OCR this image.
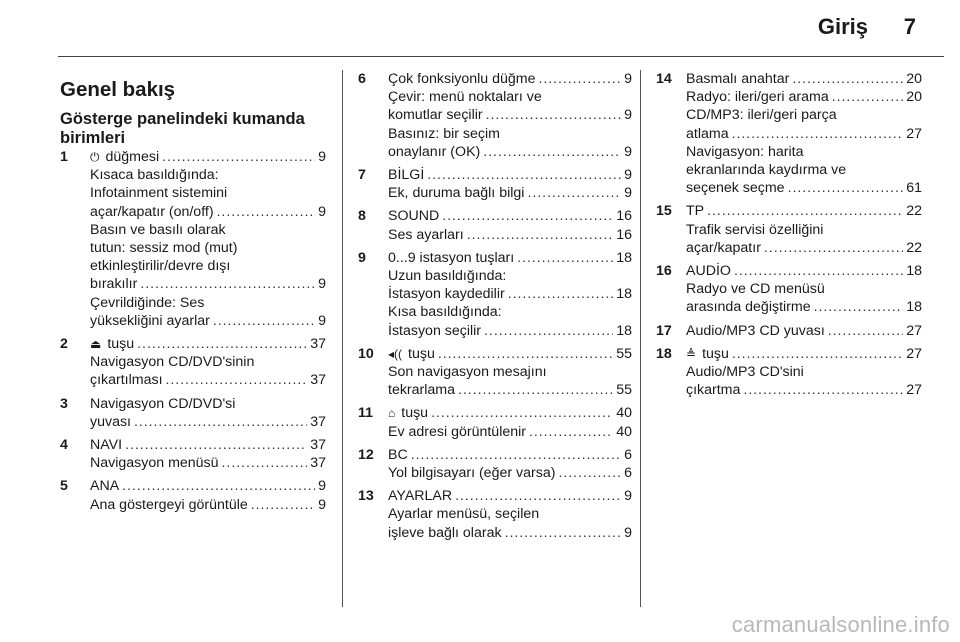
Giriş 7
Genel bakış
Gösterge panelindeki kumanda birimleri
1	⏻ düğmesi . . .	9
Kısaca basıldığında:
Infotainment sistemini
açar/kapatır (on/off) . . .	9
Basın ve basılı olarak
tutun: sessiz mod (mut)
etkinleştirilir/devre dışı
bırakılır . . .	9
Çevrildiğinde: Ses
yüksekliğini ayarlar . . .	9
2	⏏ tuşu . . .	37
Navigasyon CD/DVD'sinin
çıkartılması . . .	37
3	Navigasyon CD/DVD'si
yuvası . . .	37
4	NAVI . . .	37
Navigasyon menüsü . . .	37
5	ANA . . .	9
Ana göstergeyi görüntüle . . .	9
6	Çok fonksiyonlu düğme . . .	9
Çevir: menü noktaları ve
komutlar seçilir . . .	9
Basınız: bir seçim
onaylanır (OK) . . .	9
7	BİLGİ . . .	9
Ek, duruma bağlı bilgi . . .	9
8	SOUND . . .	16
Ses ayarları . . .	16
9	0...9 istasyon tuşları . . .	18
Uzun basıldığında:
İstasyon kaydedilir . . .	18
Kısa basıldığında:
İstasyon seçilir . . .	18
10	◂(( tuşu . . .	55
Son navigasyon mesajını
tekrarlama . . .	55
11	⌂ tuşu . . .	40
Ev adresi görüntülenir . . .	40
12	BC . . .	6
Yol bilgisayarı (eğer varsa) . . .	6
13	AYARLAR . . .	9
Ayarlar menüsü, seçilen
işleve bağlı olarak . . .	9
14	Basmalı anahtar . . .	20
Radyo: ileri/geri arama . . .	20
CD/MP3: ileri/geri parça
atlama . . .	27
Navigasyon: harita
ekranlarında kaydırma ve
seçenek seçme . . .	61
15	TP . . .	22
Trafik servisi özelliğini
açar/kapatır . . .	22
16	AUDİO . . .	18
Radyo ve CD menüsü
arasında değiştirme . . .	18
17	Audio/MP3 CD yuvası . . .	27
18	≜ tuşu . . .	27
Audio/MP3 CD'sini
çıkartma . . .	27
carmanualsonline.info
